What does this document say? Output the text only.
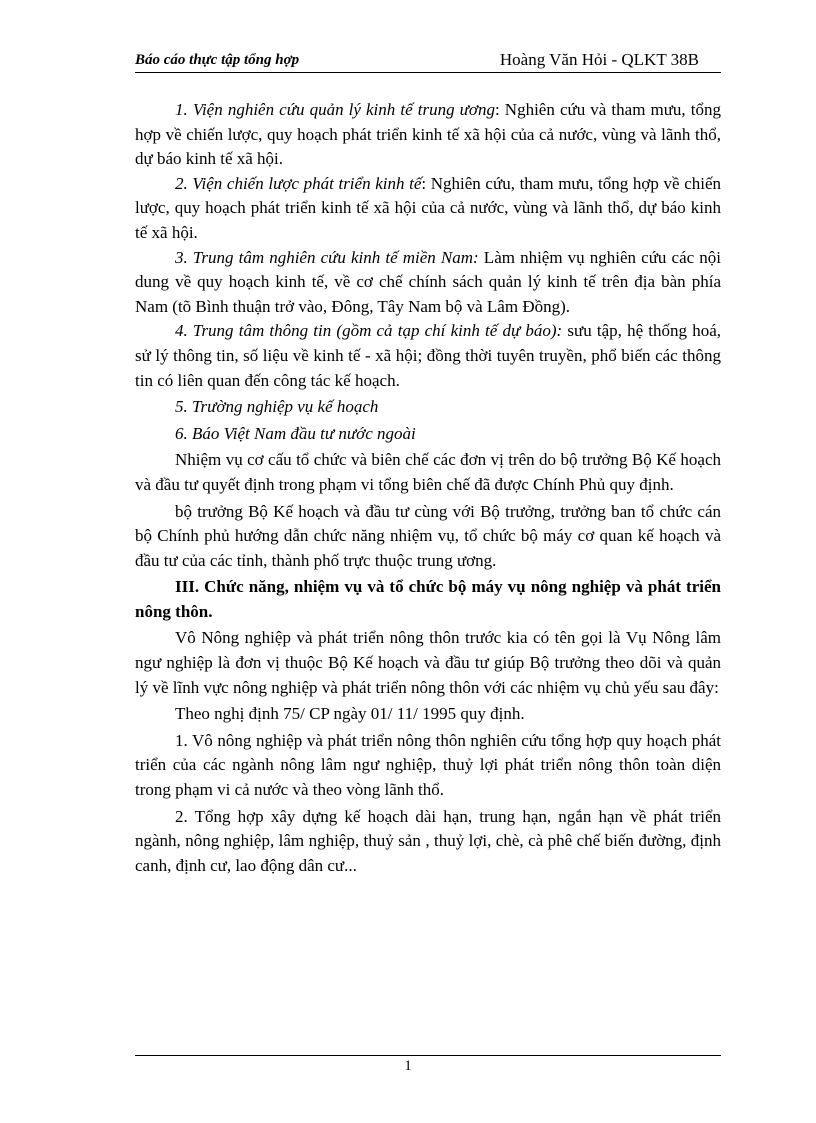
Báo cáo thực tập tổng hợp	Hoàng Văn Hỏi - QLKT 38B

1. Viện nghiên cứu quản lý kinh tế trung ương: Nghiên cứu và tham mưu, tổng hợp về chiến lược, quy hoạch phát triển kinh tế xã hội của cả nước, vùng và lãnh thổ, dự báo kinh tế xã hội.

2. Viện chiến lược phát triển kinh tế: Nghiên cứu, tham mưu, tổng hợp về chiến lược, quy hoạch phát triển kinh tế xã hội của cả nước, vùng và lãnh thổ, dự báo kinh tế xã hội.

3. Trung tâm nghiên cứu kinh tế miền Nam: Làm nhiệm vụ nghiên cứu các nội dung về quy hoạch kinh tế, về cơ chế chính sách quản lý kinh tế trên địa bàn phía Nam (tõ Bình thuận trở vào, Đông, Tây Nam bộ và Lâm Đồng).

4. Trung tâm thông tin (gồm cả tạp chí kinh tế dự báo): sưu tập, hệ thống hoá, sử lý thông tin, số liệu về kinh tế - xã hội; đồng thời tuyên truyền, phổ biến các thông tin có liên quan đến công tác kế hoạch.

5. Trường nghiệp vụ kế hoạch

6. Báo Việt Nam đầu tư nước ngoài

Nhiệm vụ cơ cấu tổ chức và biên chế các đơn vị trên do bộ trưởng Bộ Kế hoạch và đầu tư quyết định trong phạm vi tổng biên chế đã được Chính Phủ quy định.

bộ trưởng Bộ Kế hoạch và đầu tư cùng với Bộ trưởng, trưởng ban tổ chức cán bộ Chính phủ hướng dẫn chức năng nhiệm vụ, tổ chức bộ máy cơ quan kế hoạch và đầu tư của các tỉnh, thành phố trực thuộc trung ương.

III. Chức năng, nhiệm vụ và tổ chức bộ máy vụ nông nghiệp và phát triển nông thôn.

Vô Nông nghiệp và phát triển nông thôn trước kia có tên gọi là Vụ Nông lâm ngư nghiệp là đơn vị thuộc Bộ Kế hoạch và đầu tư giúp Bộ trưởng theo dõi và quản lý về lĩnh vực nông nghiệp và phát triển nông thôn với các nhiệm vụ chủ yếu sau đây:

Theo nghị định 75/ CP ngày 01/ 11/ 1995 quy định.

1. Vô nông nghiệp và phát triển nông thôn nghiên cứu tổng hợp quy hoạch phát triển của các ngành nông lâm ngư nghiệp, thuỷ lợi phát triển nông thôn toàn diện trong phạm vi cả nước và theo vòng lãnh thổ.

2. Tổng hợp xây dựng kế hoạch dài hạn, trung hạn, ngắn hạn về phát triển ngành, nông nghiệp, lâm nghiệp, thuỷ sản , thuỷ lợi, chè, cà phê chế biến đường, định canh, định cư, lao động dân cư...

1
